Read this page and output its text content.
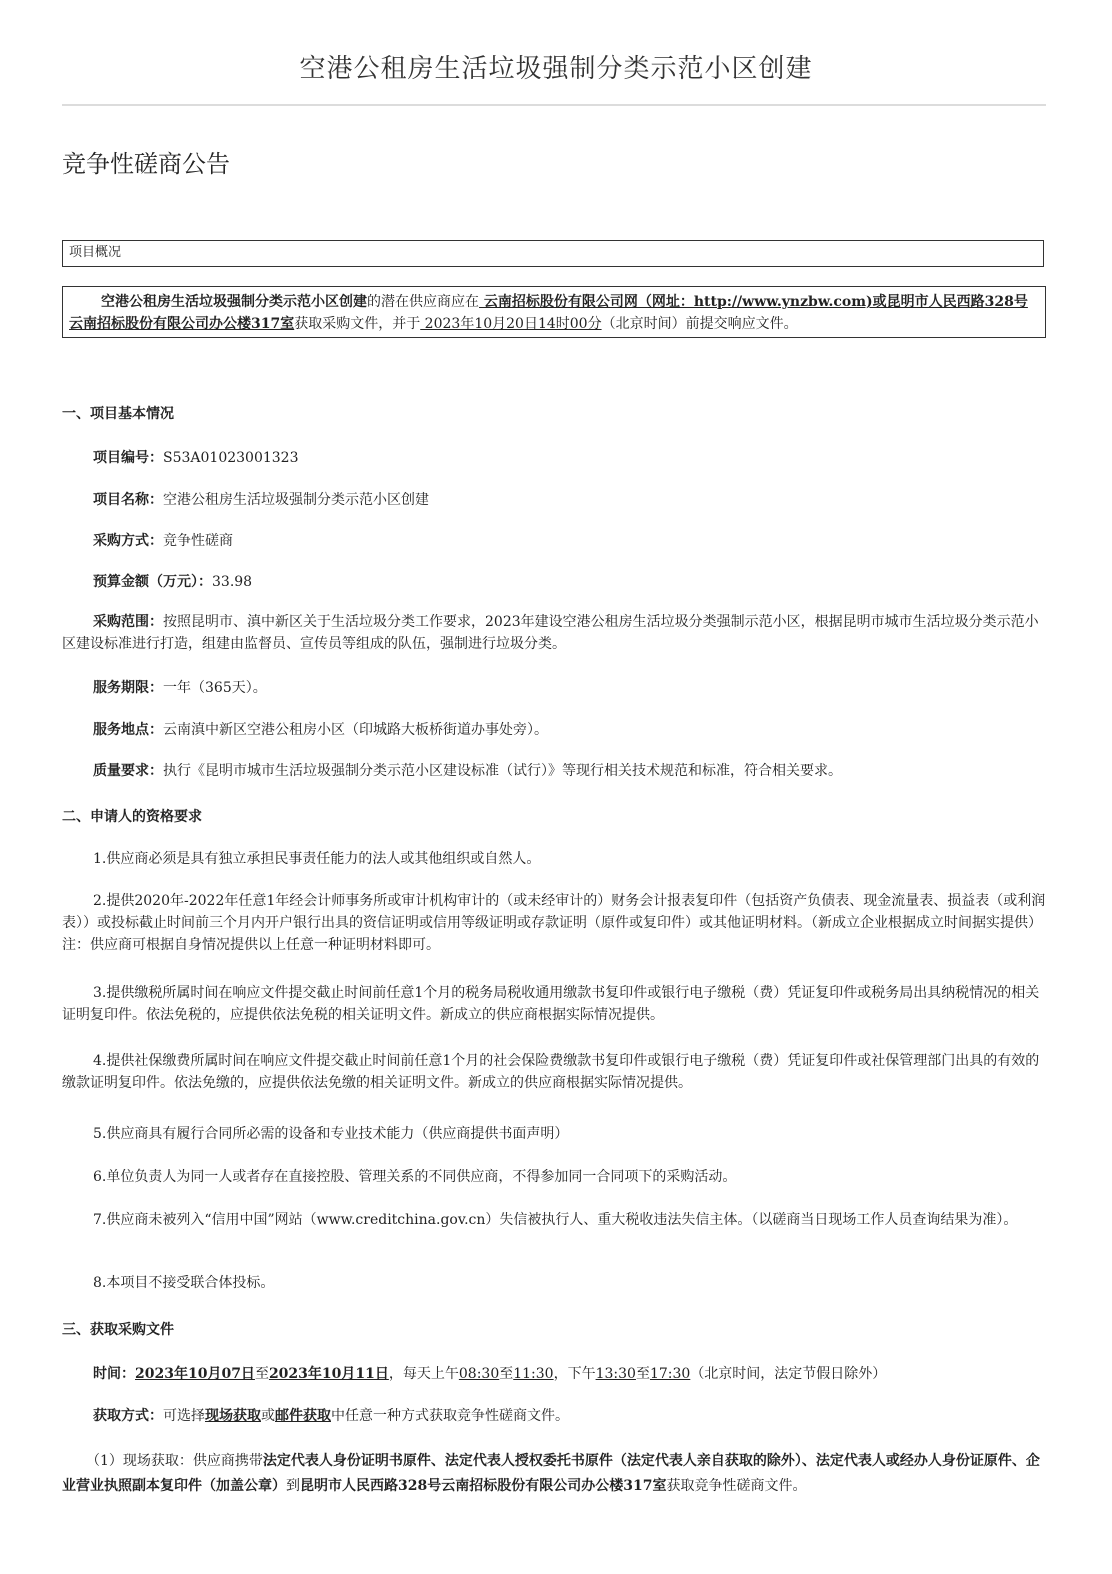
空港公租房生活垃圾强制分类示范小区创建
竞争性磋商公告
项目概况
空港公租房生活垃圾强制分类示范小区创建的潜在供应商应在 云南招标股份有限公司网（网址：http://www.ynzbw.com)或昆明市人民西路328号云南招标股份有限公司办公楼317室获取采购文件，并于 2023年10月20日14时00分（北京时间）前提交响应文件。
一、项目基本情况
项目编号：S53A01023001323
项目名称：空港公租房生活垃圾强制分类示范小区创建
采购方式：竞争性磋商
预算金额（万元）：33.98
采购范围：按照昆明市、滇中新区关于生活垃圾分类工作要求，2023年建设空港公租房生活垃圾分类强制示范小区，根据昆明市城市生活垃圾分类示范小区建设标准进行打造，组建由监督员、宣传员等组成的队伍，强制进行垃圾分类。
服务期限：一年（365天）。
服务地点：云南滇中新区空港公租房小区（印城路大板桥街道办事处旁）。
质量要求：执行《昆明市城市生活垃圾强制分类示范小区建设标准（试行）》等现行相关技术规范和标准，符合相关要求。
二、申请人的资格要求
1.供应商必须是具有独立承担民事责任能力的法人或其他组织或自然人。
2.提供2020年-2022年任意1年经会计师事务所或审计机构审计的（或未经审计的）财务会计报表复印件（包括资产负债表、现金流量表、损益表（或利润表））或投标截止时间前三个月内开户银行出具的资信证明或信用等级证明或存款证明（原件或复印件）或其他证明材料。（新成立企业根据成立时间据实提供）注：供应商可根据自身情况提供以上任意一种证明材料即可。
3.提供缴税所属时间在响应文件提交截止时间前任意1个月的税务局税收通用缴款书复印件或银行电子缴税（费）凭证复印件或税务局出具纳税情况的相关证明复印件。依法免税的，应提供依法免税的相关证明文件。新成立的供应商根据实际情况提供。
4.提供社保缴费所属时间在响应文件提交截止时间前任意1个月的社会保险费缴款书复印件或银行电子缴税（费）凭证复印件或社保管理部门出具的有效的缴款证明复印件。依法免缴的，应提供依法免缴的相关证明文件。新成立的供应商根据实际情况提供。
5.供应商具有履行合同所必需的设备和专业技术能力（供应商提供书面声明）
6.单位负责人为同一人或者存在直接控股、管理关系的不同供应商，不得参加同一合同项下的采购活动。
7.供应商未被列入“信用中国”网站（www.creditchina.gov.cn）失信被执行人、重大税收违法失信主体。（以磋商当日现场工作人员查询结果为准）。
8.本项目不接受联合体投标。
三、获取采购文件
时间：2023年10月07日至2023年10月11日，每天上午08:30至11:30，下午13:30至17:30（北京时间，法定节假日除外）
获取方式：可选择现场获取或邮件获取中任意一种方式获取竞争性磋商文件。
（1）现场获取：供应商携带法定代表人身份证明书原件、法定代表人授权委托书原件（法定代表人亲自获取的除外）、法定代表人或经办人身份证原件、企业营业执照副本复印件（加盖公章）到昆明市人民西路328号云南招标股份有限公司办公楼317室获取竞争性磋商文件。
